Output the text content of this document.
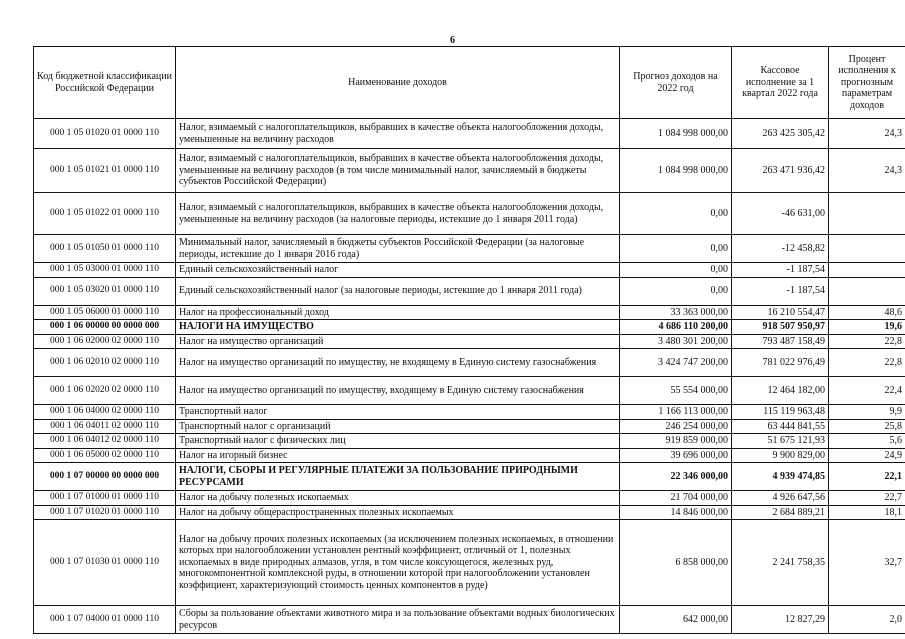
6
Код бюджетной классификации Российской Федерации	Наименование доходов	Прогноз доходов на 2022 год	Кассовое исполнение за 1 квартал 2022 года	Процент исполнения к прогнозным параметрам доходов
000 1 05 01020 01 0000 110	Налог, взимаемый с налогоплательщиков, выбравших в качестве объекта налогообложения доходы, уменьшенные на величину расходов	1 084 998 000,00	263 425 305,42	24,3
000 1 05 01021 01 0000 110	Налог, взимаемый с налогоплательщиков, выбравших в качестве объекта налогообложения доходы, уменьшенные на величину расходов (в том числе минимальный налог, зачисляемый в бюджеты субъектов Российской Федерации)	1 084 998 000,00	263 471 936,42	24,3
000 1 05 01022 01 0000 110	Налог, взимаемый с налогоплательщиков, выбравших в качестве объекта налогообложения доходы, уменьшенные на величину расходов (за налоговые периоды, истекшие до 1 января 2011 года)	0,00	-46 631,00	
000 1 05 01050 01 0000 110	Минимальный налог, зачисляемый в бюджеты субъектов Российской Федерации (за налоговые периоды, истекшие до 1 января 2016 года)	0,00	-12 458,82	
000 1 05 03000 01 0000 110	Единый сельскохозяйственный налог	0,00	-1 187,54	
000 1 05 03020 01 0000 110	Единый сельскохозяйственный налог (за налоговые периоды, истекшие до 1 января 2011 года)	0,00	-1 187,54	
000 1 05 06000 01 0000 110	Налог на профессиональный доход	33 363 000,00	16 210 554,47	48,6
000 1 06 00000 00 0000 000	НАЛОГИ НА ИМУЩЕСТВО	4 686 110 200,00	918 507 950,97	19,6
000 1 06 02000 02 0000 110	Налог на имущество организаций	3 480 301 200,00	793 487 158,49	22,8
000 1 06 02010 02 0000 110	Налог на имущество организаций по имуществу, не входящему в Единую систему газоснабжения	3 424 747 200,00	781 022 976,49	22,8
000 1 06 02020 02 0000 110	Налог на имущество организаций по имуществу, входящему в Единую систему газоснабжения	55 554 000,00	12 464 182,00	22,4
000 1 06 04000 02 0000 110	Транспортный налог	1 166 113 000,00	115 119 963,48	9,9
000 1 06 04011 02 0000 110	Транспортный налог с организаций	246 254 000,00	63 444 841,55	25,8
000 1 06 04012 02 0000 110	Транспортный налог с физических лиц	919 859 000,00	51 675 121,93	5,6
000 1 06 05000 02 0000 110	Налог на игорный бизнес	39 696 000,00	9 900 829,00	24,9
000 1 07 00000 00 0000 000	НАЛОГИ, СБОРЫ И РЕГУЛЯРНЫЕ ПЛАТЕЖИ ЗА ПОЛЬЗОВАНИЕ ПРИРОДНЫМИ РЕСУРСАМИ	22 346 000,00	4 939 474,85	22,1
000 1 07 01000 01 0000 110	Налог на добычу полезных ископаемых	21 704 000,00	4 926 647,56	22,7
000 1 07 01020 01 0000 110	Налог на добычу общераспространенных полезных ископаемых	14 846 000,00	2 684 889,21	18,1
000 1 07 01030 01 0000 110	Налог на добычу прочих полезных ископаемых (за исключением полезных ископаемых, в отношении которых при налогообложении установлен рентный коэффициент, отличный от 1, полезных ископаемых в виде природных алмазов, угля, в том числе коксующегося, железных руд, многокомпонентной комплексной руды, в отношении которой при налогообложении установлен коэффициент, характеризующий стоимость ценных компонентов в руде)	6 858 000,00	2 241 758,35	32,7
000 1 07 04000 01 0000 110	Сборы за пользование объектами животного мира и за пользование объектами водных биологических ресурсов	642 000,00	12 827,29	2,0
